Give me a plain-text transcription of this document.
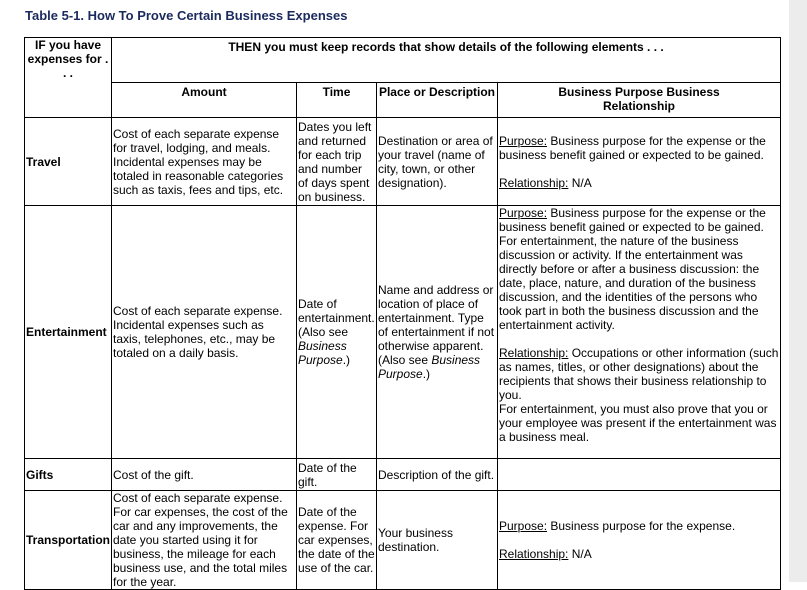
Table 5-1. How To Prove Certain Business Expenses
IF you have expenses for . . .	THEN you must keep records that show details of the following elements . . .			
	Amount	Time	Place or Description	Business Purpose Business Relationship
Travel	Cost of each separate expense for travel, lodging, and meals. Incidental expenses may be totaled in reasonable categories such as taxis, fees and tips, etc.	Dates you left and returned for each trip and number of days spent on business.	Destination or area of your travel (name of city, town, or other designation).	Purpose: Business purpose for the expense or the business benefit gained or expected to be gained.
Relationship: N/A
Entertainment	Cost of each separate expense. Incidental expenses such as taxis, telephones, etc., may be totaled on a daily basis.	Date of entertainment. (Also see Business Purpose.)	Name and address or location of place of entertainment. Type of entertainment if not otherwise apparent. (Also see Business Purpose.)	Purpose: Business purpose for the expense or the business benefit gained or expected to be gained. For entertainment, the nature of the business discussion or activity. If the entertainment was directly before or after a business discussion: the date, place, nature, and duration of the business discussion, and the identities of the persons who took part in both the business discussion and the entertainment activity.
Relationship: Occupations or other information (such as names, titles, or other designations) about the recipients that shows their business relationship to you.
For entertainment, you must also prove that you or your employee was present if the entertainment was a business meal.
Gifts	Cost of the gift.	Date of the gift.	Description of the gift.	
Transportation	Cost of each separate expense. For car expenses, the cost of the car and any improvements, the date you started using it for business, the mileage for each business use, and the total miles for the year.	Date of the expense. For car expenses, the date of the use of the car.	Your business destination.	Purpose: Business purpose for the expense.
Relationship: N/A
